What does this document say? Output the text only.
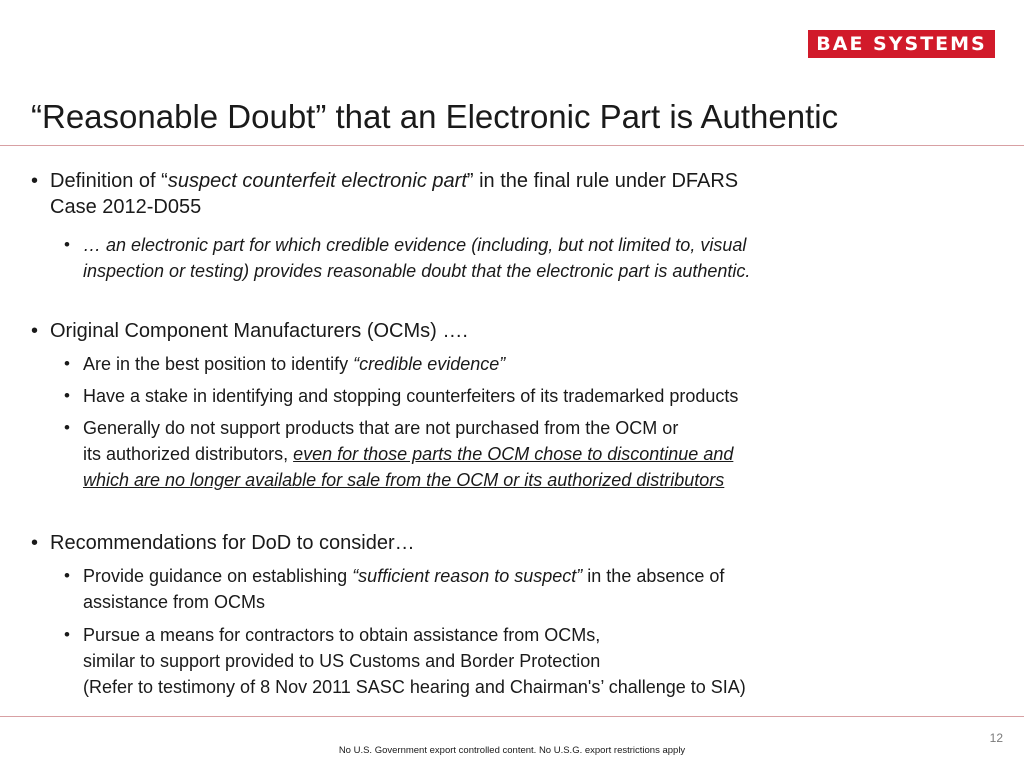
BAE SYSTEMS
“Reasonable Doubt” that an Electronic Part is Authentic
• Definition of “suspect counterfeit electronic part” in the final rule under DFARS
Case 2012-D055
• … an electronic part for which credible evidence (including, but not limited to, visual
inspection or testing) provides reasonable doubt that the electronic part is authentic.
• Original Component Manufacturers (OCMs) ….
• Are in the best position to identify “credible evidence”
• Have a stake in identifying and stopping counterfeiters of its trademarked products
• Generally do not support products that are not purchased from the OCM or
its authorized distributors, even for those parts the OCM chose to discontinue and
which are no longer available for sale from the OCM or its authorized distributors
• Recommendations for DoD to consider…
• Provide guidance on establishing “sufficient reason to suspect” in the absence of
assistance from OCMs
• Pursue a means for contractors to obtain assistance from OCMs,
similar to support provided to US Customs and Border Protection
(Refer to testimony of 8 Nov 2011 SASC hearing and Chairman's’ challenge to SIA)
12
No U.S. Government export controlled content. No U.S.G. export restrictions apply
